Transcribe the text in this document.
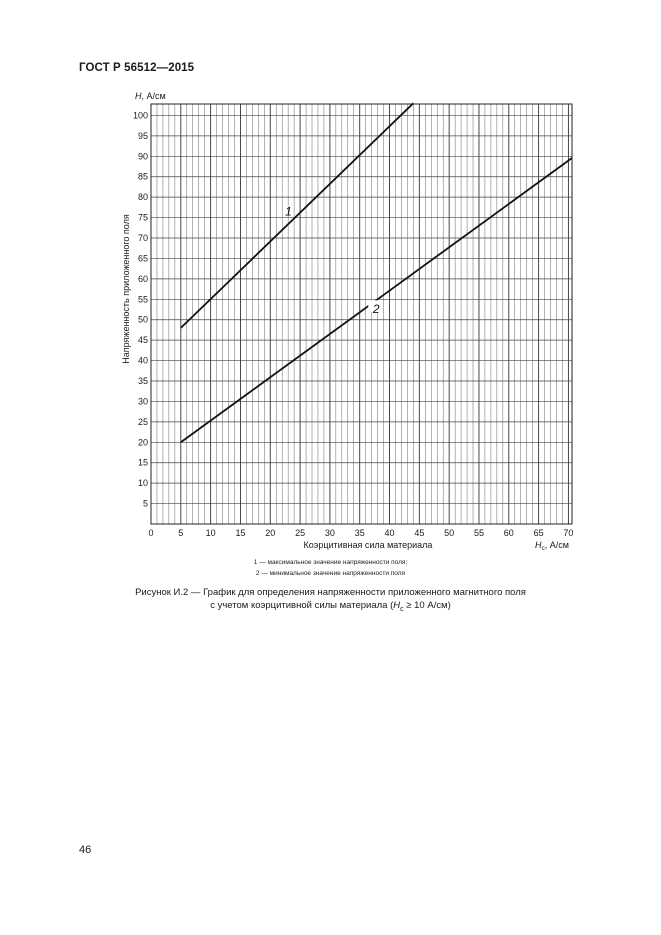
ГОСТ Р 56512—2015
0	5 10 15 20 25 30 35 40 45 50 55 60 65 70
5
10
15
20
25
30
35
40
45
50
55
60
65
70
75
80
85
90
95
100
1
2
H, А/см
Напряженность приложенного поля
Коэрцитивная сила материала	$H_c$, А/см
1 — максимальное значение напряженности поля;
2 — минимальное значение напряженности поля
Рисунок И.2 — График для определения напряженности приложенного магнитного поля
с учетом коэрцитивной силы материала ($H_c \ge 10$ А/см)
46
